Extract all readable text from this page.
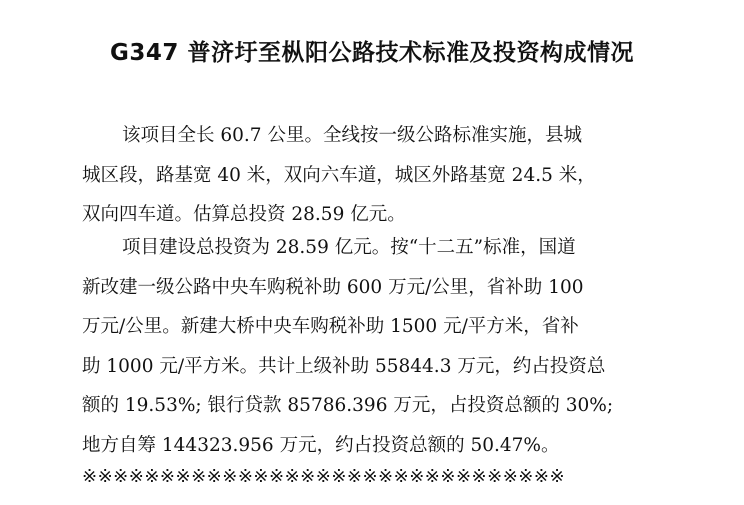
G347 普济圩至枞阳公路技术标准及投资构成情况
该项目全长 60.7 公里。全线按一级公路标准实施，县城
城区段，路基宽 40 米，双向六车道，城区外路基宽 24.5 米，
双向四车道。估算总投资 28.59 亿元。
项目建设总投资为 28.59 亿元。按“十二五”标准，国道
新改建一级公路中央车购税补助 600 万元/公里，省补助 100
万元/公里。新建大桥中央车购税补助 1500 元/平方米，省补
助 1000 元/平方米。共计上级补助 55844.3 万元，约占投资总
额的 19.53%; 银行贷款 85786.396 万元，占投资总额的 30%;
地方自筹 144323.956 万元，约占投资总额的 50.47%。
※※※※※※※※※※※※※※※※※※※※※※※※※※※※※※※
